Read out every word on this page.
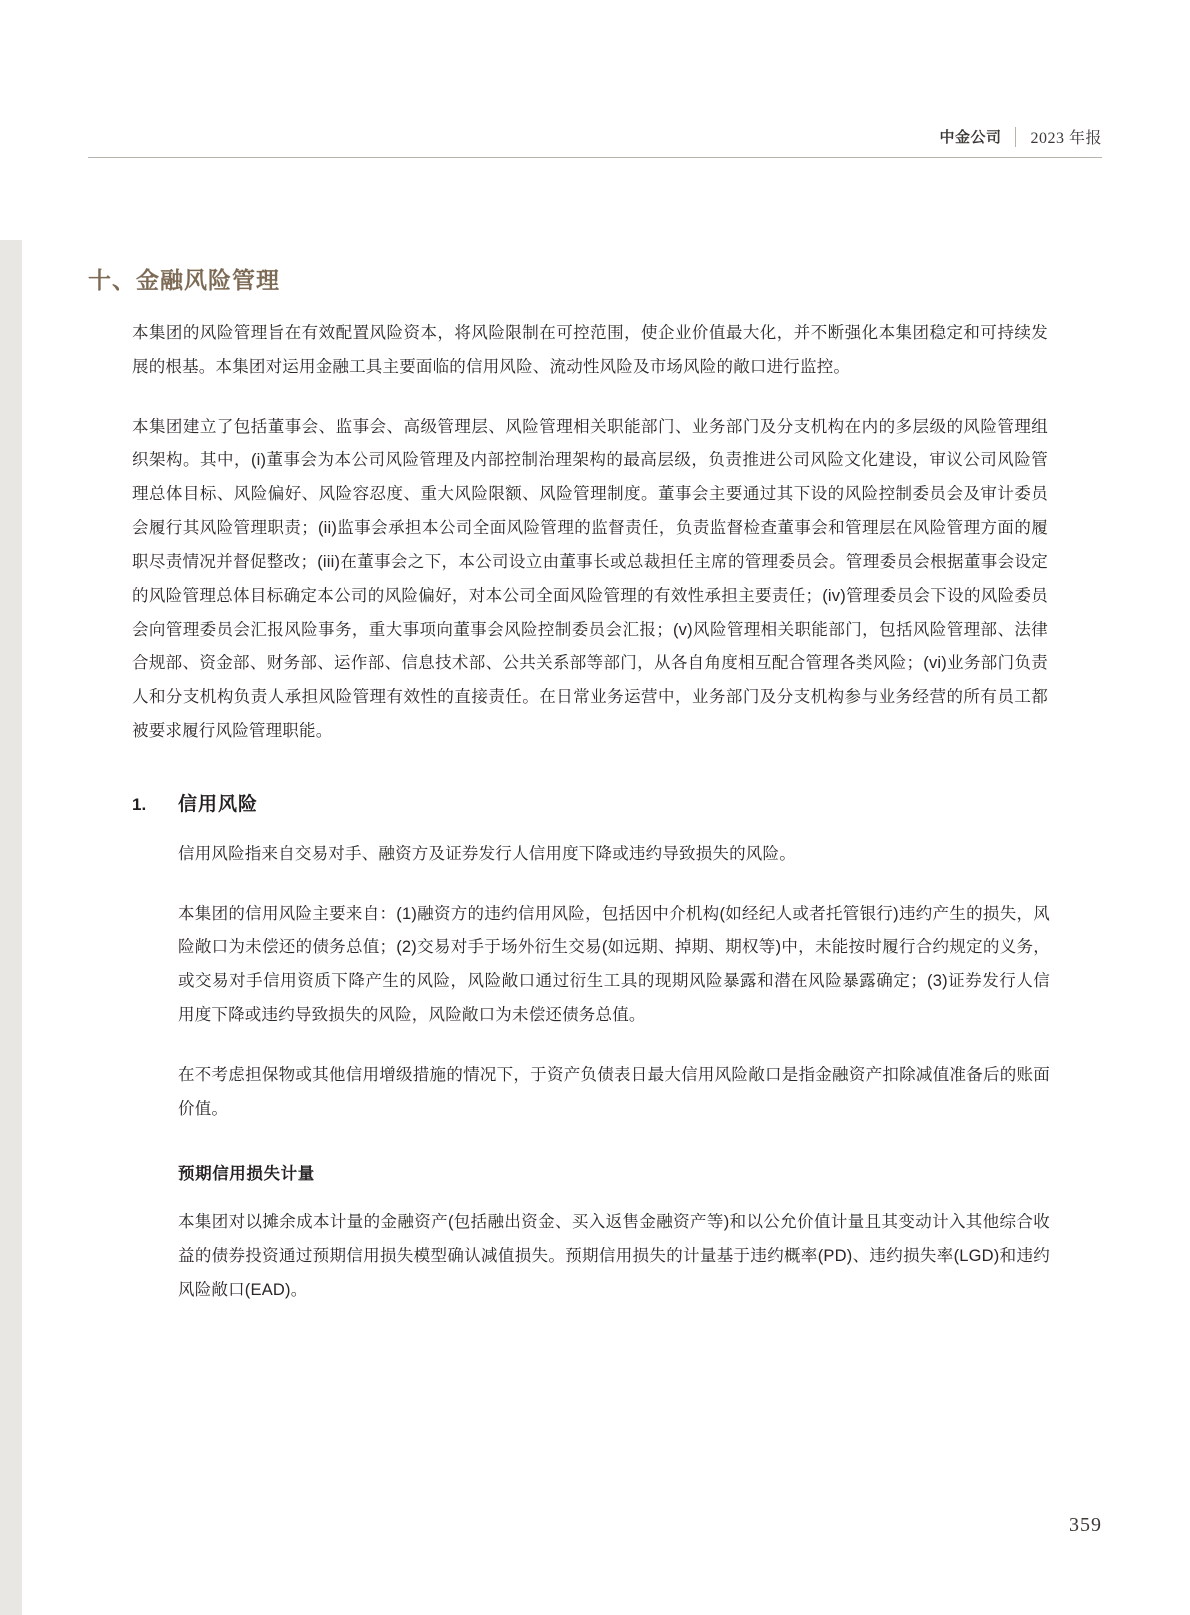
中金公司	2023 年报
十、金融风险管理

本集团的风险管理旨在有效配置风险资本，将风险限制在可控范围，使企业价值最大化，并不断强化本集团稳定和可持续发展的根基。本集团对运用金融工具主要面临的信用风险、流动性风险及市场风险的敞口进行监控。

本集团建立了包括董事会、监事会、高级管理层、风险管理相关职能部门、业务部门及分支机构在内的多层级的风险管理组织架构。其中，(i)董事会为本公司风险管理及内部控制治理架构的最高层级，负责推进公司风险文化建设，审议公司风险管理总体目标、风险偏好、风险容忍度、重大风险限额、风险管理制度。董事会主要通过其下设的风险控制委员会及审计委员会履行其风险管理职责；(ii)监事会承担本公司全面风险管理的监督责任，负责监督检查董事会和管理层在风险管理方面的履职尽责情况并督促整改；(iii)在董事会之下，本公司设立由董事长或总裁担任主席的管理委员会。管理委员会根据董事会设定的风险管理总体目标确定本公司的风险偏好，对本公司全面风险管理的有效性承担主要责任；(iv)管理委员会下设的风险委员会向管理委员会汇报风险事务，重大事项向董事会风险控制委员会汇报；(v)风险管理相关职能部门，包括风险管理部、法律合规部、资金部、财务部、运作部、信息技术部、公共关系部等部门，从各自角度相互配合管理各类风险；(vi)业务部门负责人和分支机构负责人承担风险管理有效性的直接责任。在日常业务运营中，业务部门及分支机构参与业务经营的所有员工都被要求履行风险管理职能。

1.	信用风险

信用风险指来自交易对手、融资方及证券发行人信用度下降或违约导致损失的风险。

本集团的信用风险主要来自：(1)融资方的违约信用风险，包括因中介机构(如经纪人或者托管银行)违约产生的损失，风险敞口为未偿还的债务总值；(2)交易对手于场外衍生交易(如远期、掉期、期权等)中，未能按时履行合约规定的义务，或交易对手信用资质下降产生的风险，风险敞口通过衍生工具的现期风险暴露和潜在风险暴露确定；(3)证券发行人信用度下降或违约导致损失的风险，风险敞口为未偿还债务总值。

在不考虑担保物或其他信用增级措施的情况下，于资产负债表日最大信用风险敞口是指金融资产扣除减值准备后的账面价值。

预期信用损失计量

本集团对以摊余成本计量的金融资产(包括融出资金、买入返售金融资产等)和以公允价值计量且其变动计入其他综合收益的债券投资通过预期信用损失模型确认减值损失。预期信用损失的计量基于违约概率(PD)、违约损失率(LGD)和违约风险敞口(EAD)。

359
